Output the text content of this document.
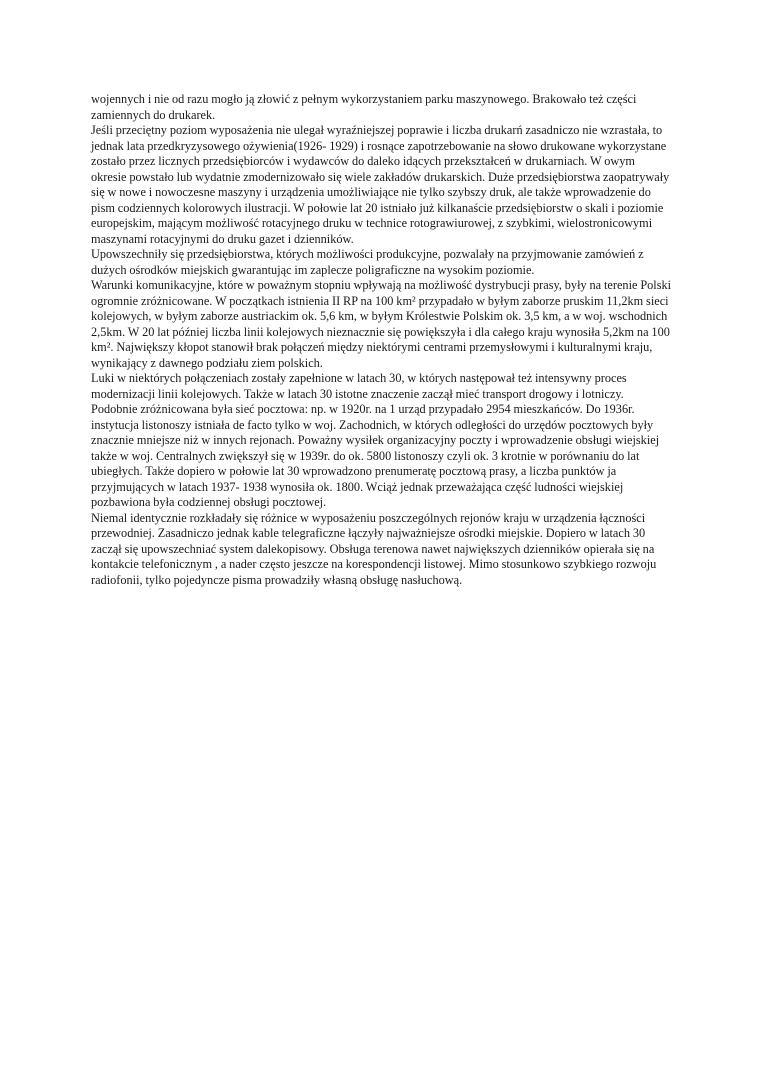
wojennych i nie od razu mogło ją złowić z pełnym wykorzystaniem parku maszynowego. Brakowało też części zamiennych do drukarek.

Jeśli przeciętny poziom wyposażenia nie ulegał wyraźniejszej poprawie i liczba drukarń zasadniczo nie wzrastała, to jednak lata przedkryzysowego ożywienia(1926- 1929) i rosnące zapotrzebowanie na słowo drukowane wykorzystane zostało przez licznych przedsiębiorców i wydawców do daleko idących przekształceń w drukarniach. W owym okresie powstało lub wydatnie zmodernizowało się wiele zakładów drukarskich. Duże przedsiębiorstwa zaopatrywały się w nowe i nowoczesne maszyny i urządzenia umożliwiające nie tylko szybszy druk, ale także wprowadzenie do pism codziennych kolorowych ilustracji. W połowie lat 20 istniało już kilkanaście przedsiębiorstw o skali i poziomie europejskim, mającym możliwość rotacyjnego druku w technice rotograwiurowej, z szybkimi, wielostronicowymi maszynami rotacyjnymi do druku gazet i dzienników.

Upowszechniły się przedsiębiorstwa, których możliwości produkcyjne, pozwalały na przyjmowanie zamówień z dużych ośrodków miejskich gwarantując im zaplecze poligraficzne na wysokim poziomie.

Warunki komunikacyjne, które w poważnym stopniu wpływają na możliwość dystrybucji prasy, były na terenie Polski ogromnie zróżnicowane. W początkach istnienia II RP na 100 km² przypadało w byłym zaborze pruskim 11,2km sieci kolejowych, w byłym zaborze austriackim ok. 5,6 km, w byłym Królestwie Polskim ok. 3,5 km, a w woj. wschodnich 2,5km. W 20 lat później liczba linii kolejowych nieznacznie się powiększyła i dla całego kraju wynosiła 5,2km na 100 km². Największy kłopot stanowił brak połączeń między niektórymi centrami przemysłowymi i kulturalnymi kraju, wynikający z dawnego podziału ziem polskich.

Luki w niektórych połączeniach zostały zapełnione w latach 30, w których następował też intensywny proces modernizacji linii kolejowych. Także w latach 30 istotne znaczenie zaczął mieć transport drogowy i lotniczy.

Podobnie zróżnicowana była sieć pocztowa: np. w 1920r. na 1 urząd przypadało 2954 mieszkańców. Do 1936r. instytucja listonoszy istniała de facto tylko w woj. Zachodnich, w których odległości do urzędów pocztowych były znacznie mniejsze niż w innych rejonach. Poważny wysiłek organizacyjny poczty i wprowadzenie obsługi wiejskiej także w woj. Centralnych zwiększył się w 1939r. do ok. 5800 listonoszy czyli ok. 3 krotnie w porównaniu do lat ubiegłych. Także dopiero w połowie lat 30 wprowadzono prenumeratę pocztową prasy, a liczba punktów ja przyjmujących w latach 1937- 1938 wynosiła ok. 1800. Wciąż jednak przeważająca część ludności wiejskiej pozbawiona była codziennej obsługi pocztowej.

Niemal identycznie rozkładały się różnice w wyposażeniu poszczególnych rejonów kraju w urządzenia łączności przewodniej. Zasadniczo jednak kable telegraficzne łączyły najważniejsze ośrodki miejskie. Dopiero w latach 30 zaczął się upowszechniać system dalekopisowy. Obsługa terenowa nawet największych dzienników opierała się na kontakcie telefonicznym , a nader często jeszcze na korespondencji listowej. Mimo stosunkowo szybkiego rozwoju radiofonii, tylko pojedyncze pisma prowadziły własną obsługę nasłuchową.
